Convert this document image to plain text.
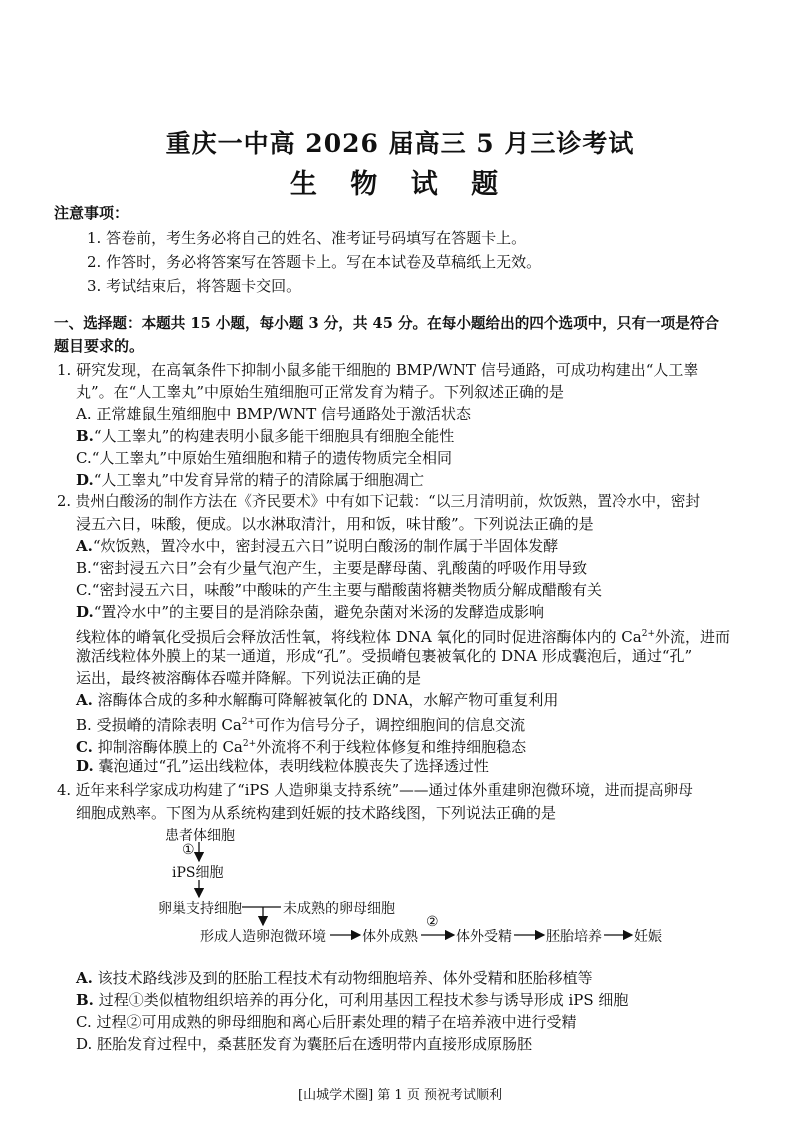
重庆一中高 2026 届高三 5 月三诊考试
生 物 试 题
注意事项：
1. 答卷前，考生务必将自己的姓名、准考证号码填写在答题卡上。
2. 作答时，务必将答案写在答题卡上。写在本试卷及草稿纸上无效。
3. 考试结束后，将答题卡交回。
一、选择题：本题共 15 小题，每小题 3 分，共 45 分。在每小题给出的四个选项中，只有一项是符合
题目要求的。
1. 研究发现，在高氧条件下抑制小鼠多能干细胞的 BMP/WNT 信号通路，可成功构建出“人工睾
丸”。在“人工睾丸”中原始生殖细胞可正常发育为精子。下列叙述正确的是
A. 正常雄鼠生殖细胞中 BMP/WNT 信号通路处于激活状态
B.“人工睾丸”的构建表明小鼠多能干细胞具有细胞全能性
C.“人工睾丸”中原始生殖细胞和精子的遗传物质完全相同
D.“人工睾丸”中发育异常的精子的清除属于细胞凋亡
2. 贵州白酸汤的制作方法在《齐民要术》中有如下记载：“以三月清明前，炊饭熟，置冷水中，密封
浸五六日，味酸，便成。以水淋取清汁，用和饭，味甘酸”。下列说法正确的是
A.“炊饭熟，置冷水中，密封浸五六日”说明白酸汤的制作属于半固体发酵
B.“密封浸五六日”会有少量气泡产生，主要是酵母菌、乳酸菌的呼吸作用导致
C.“密封浸五六日，味酸”中酸味的产生主要与醋酸菌将糖类物质分解成醋酸有关
D.“置冷水中”的主要目的是消除杂菌，避免杂菌对米汤的发酵造成影响
线粒体的嵴氧化受损后会释放活性氧，将线粒体 DNA 氧化的同时促进溶酶体内的 $Ca^{2+}$外流，进而
激活线粒体外膜上的某一通道，形成“孔”。受损嵴包裹被氧化的 DNA 形成囊泡后，通过“孔”
运出，最终被溶酶体吞噬并降解。下列说法正确的是
A. 溶酶体合成的多种水解酶可降解被氧化的 DNA，水解产物可重复利用
B. 受损嵴的清除表明 $Ca^{2+}$可作为信号分子，调控细胞间的信息交流
C. 抑制溶酶体膜上的 $Ca^{2+}$外流将不利于线粒体修复和维持细胞稳态
D. 囊泡通过“孔”运出线粒体，表明线粒体膜丧失了选择透过性
4. 近年来科学家成功构建了“iPS 人造卵巢支持系统”——通过体外重建卵泡微环境，进而提高卵母
细胞成熟率。下图为从系统构建到妊娠的技术路线图，下列说法正确的是
患者体细胞
①
iPS细胞
卵巢支持细胞	未成熟的卵母细胞
形成人造卵泡微环境	体外成熟
②
体外受精 胚胎培养 妊娠
A. 该技术路线涉及到的胚胎工程技术有动物细胞培养、体外受精和胚胎移植等
B. 过程①类似植物组织培养的再分化，可利用基因工程技术参与诱导形成 iPS 细胞
C. 过程②可用成熟的卵母细胞和离心后肝素处理的精子在培养液中进行受精
D. 胚胎发育过程中，桑葚胚发育为囊胚后在透明带内直接形成原肠胚
[山城学术圈] 第 1 页 预祝考试顺利
